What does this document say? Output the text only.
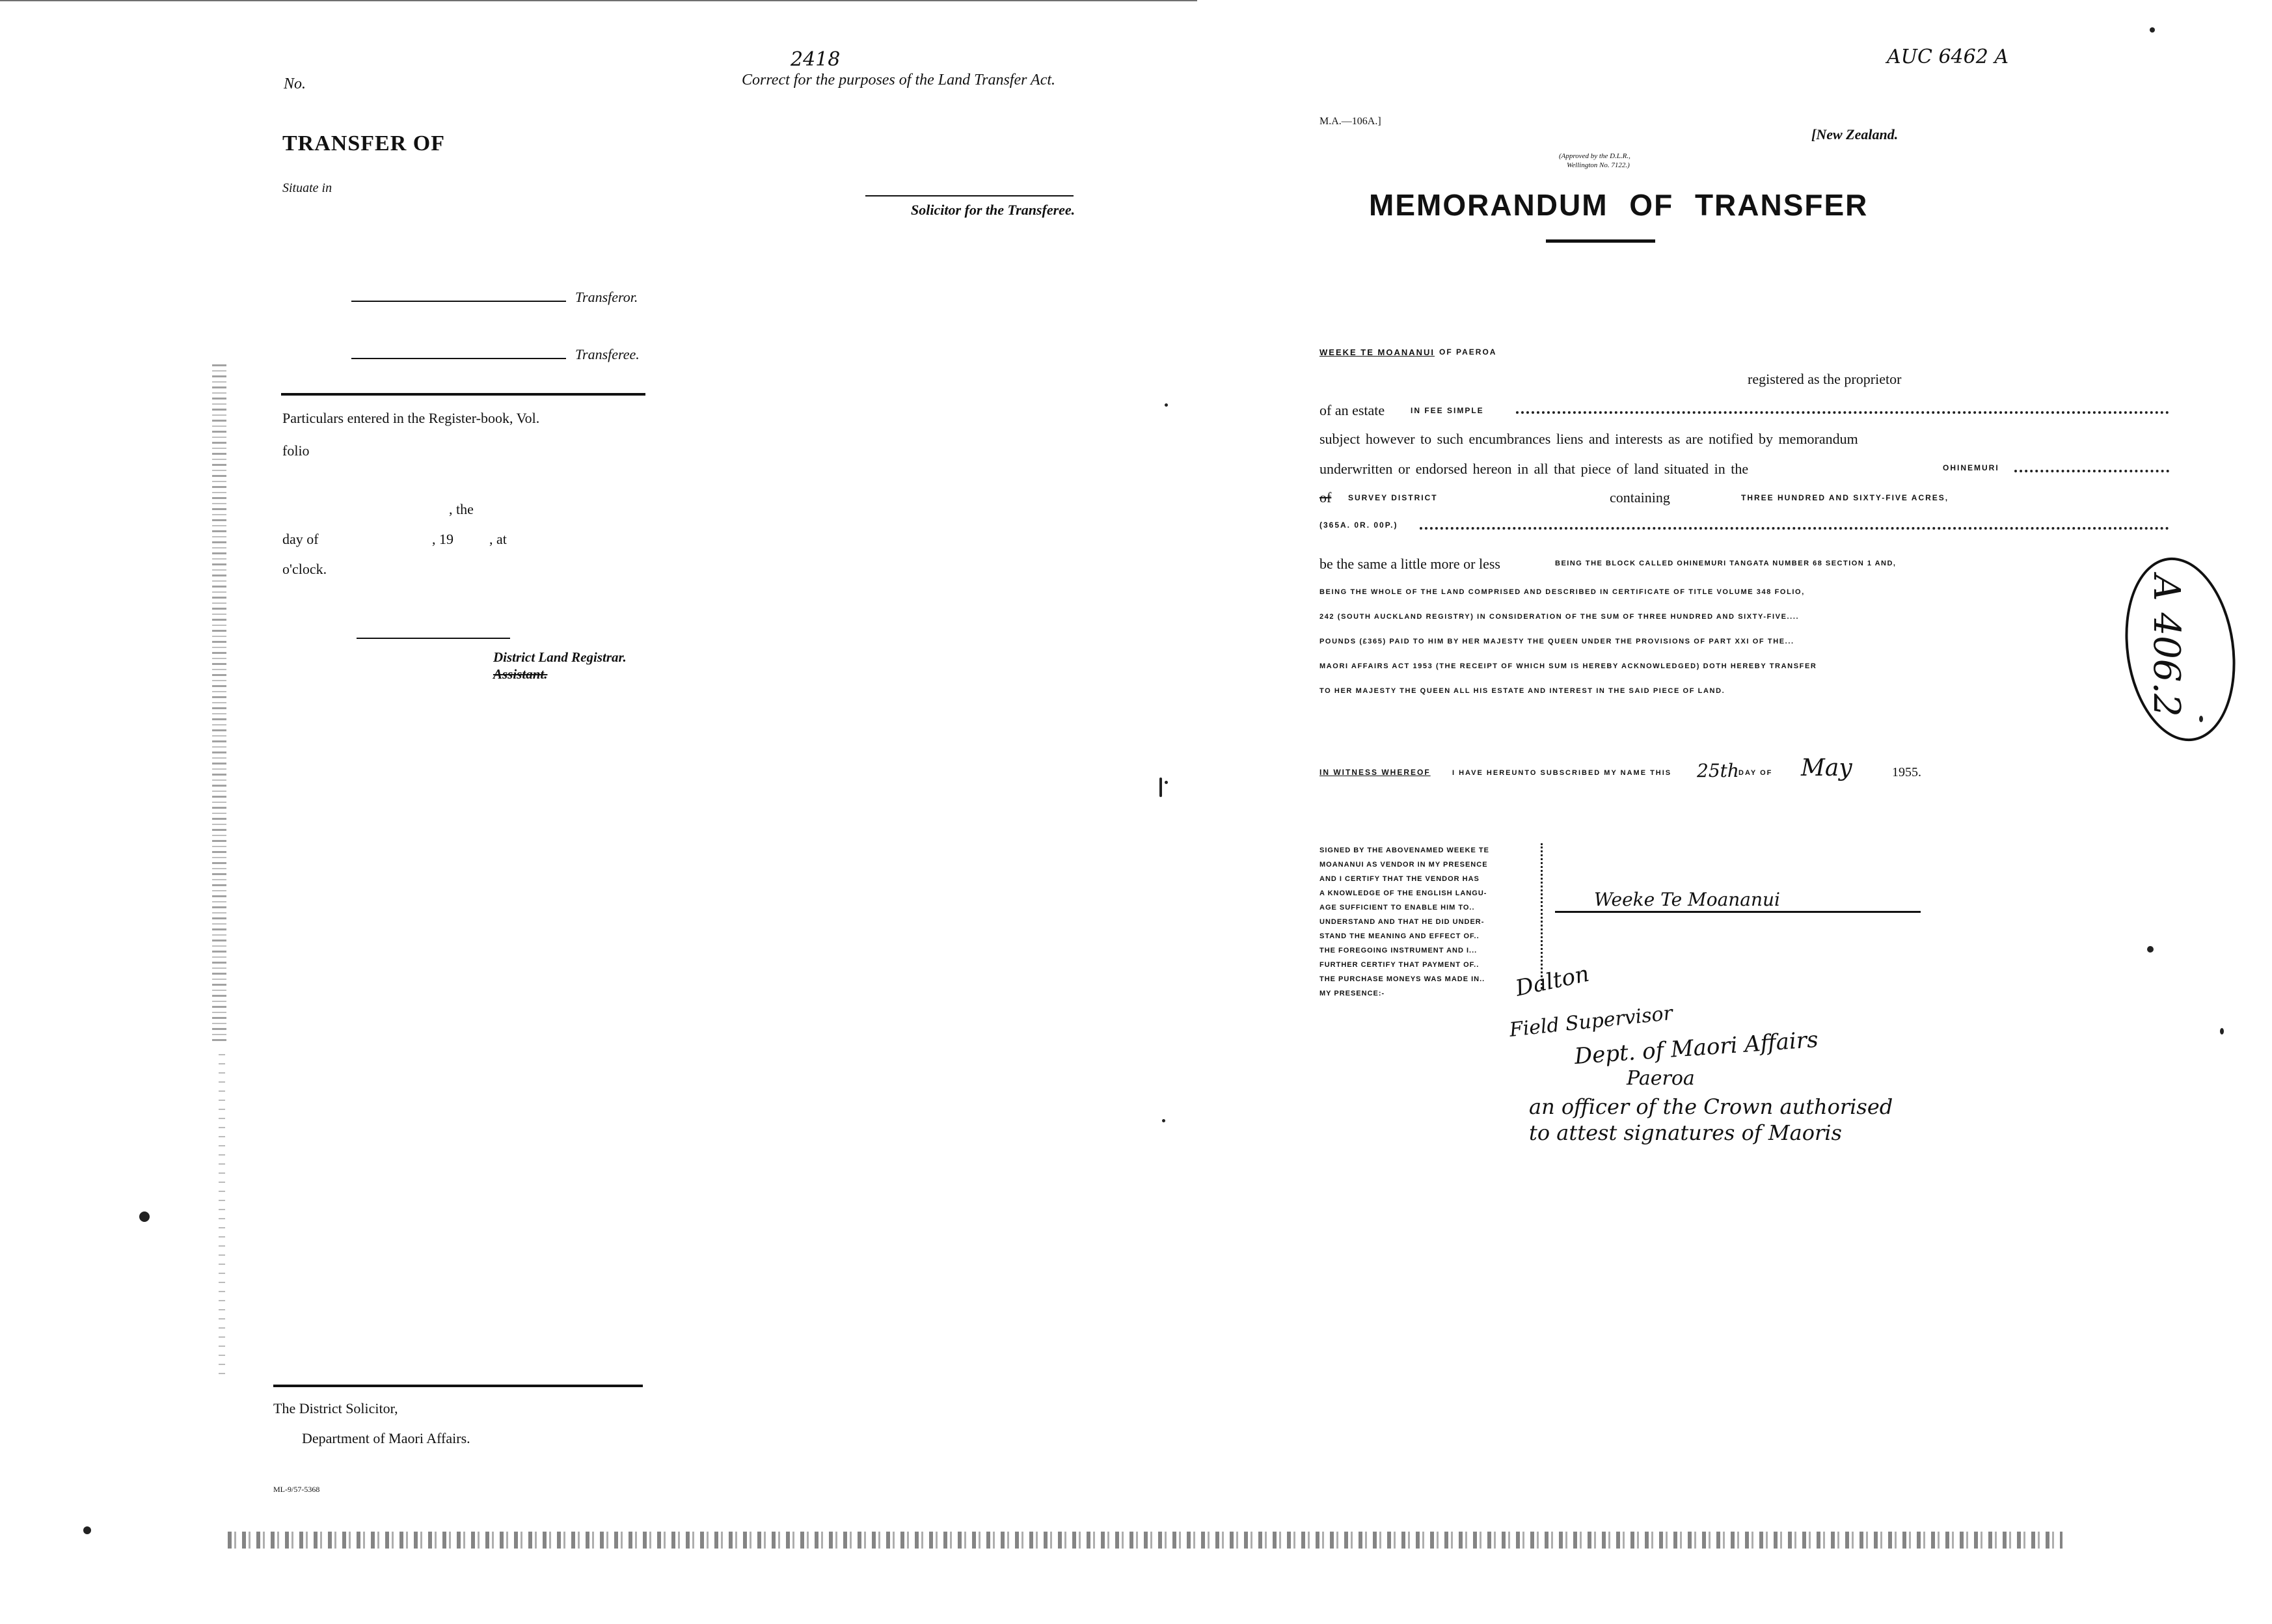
No.
2418
Correct for the purposes of the Land Transfer Act.
Solicitor for the Transferee.
TRANSFER OF
Situate in
Transferor.
Transferee.
Particulars entered in the Register-book, Vol.
folio
, the
day of	, 19	, at
o'clock.
District Land Registrar.
Assistant.
The District Solicitor,
Department of Maori Affairs.
ML-9/57-5368
AUC 6462 A
M.A.—106A.]
[New Zealand.
(Approved by the D.L.R.,
Wellington No. 7122.)
MEMORANDUM OF TRANSFER
WEEKE TE MOANANUI OF PAEROA
registered as the proprietor
of an estate	IN FEE SIMPLE
subject however to such encumbrances liens and interests as are notified by memorandum
underwritten or endorsed hereon in all that piece of land situated in the	OHINEMURI
of SURVEY DISTRICT	containing	THREE HUNDRED AND SIXTY-FIVE ACRES,
(365A. 0R. 00P.)
be the same a little more or less	BEING THE BLOCK CALLED OHINEMURI TANGATA NUMBER 68 SECTION 1 AND,
BEING THE WHOLE OF THE LAND COMPRISED AND DESCRIBED IN CERTIFICATE OF TITLE VOLUME 348 FOLIO,
242 (SOUTH AUCKLAND REGISTRY) IN CONSIDERATION OF THE SUM OF THREE HUNDRED AND SIXTY-FIVE....
POUNDS (£365) PAID TO HIM BY HER MAJESTY THE QUEEN UNDER THE PROVISIONS OF PART XXI OF THE...
MAORI AFFAIRS ACT 1953 (THE RECEIPT OF WHICH SUM IS HEREBY ACKNOWLEDGED) DOTH HEREBY TRANSFER
TO HER MAJESTY THE QUEEN ALL HIS ESTATE AND INTEREST IN THE SAID PIECE OF LAND.
IN WITNESS WHEREOF	I HAVE HEREUNTO SUBSCRIBED MY NAME THIS 25th DAY OF May	1955.
SIGNED BY THE ABOVENAMED WEEKE TE
MOANANUI AS VENDOR IN MY PRESENCE
AND I CERTIFY THAT THE VENDOR HAS
A KNOWLEDGE OF THE ENGLISH LANGU-
AGE SUFFICIENT TO ENABLE HIM TO..
UNDERSTAND AND THAT HE DID UNDER-
STAND THE MEANING AND EFFECT OF..
THE FOREGOING INSTRUMENT AND I...
FURTHER CERTIFY THAT PAYMENT OF..
THE PURCHASE MONEYS WAS MADE IN..
MY PRESENCE:-
Weeke Te Moananui
Dalton
Field Supervisor
Dept. of Maori Affairs
Paeroa
an officer of the Crown authorised
to attest signatures of Maoris
A 406.2
